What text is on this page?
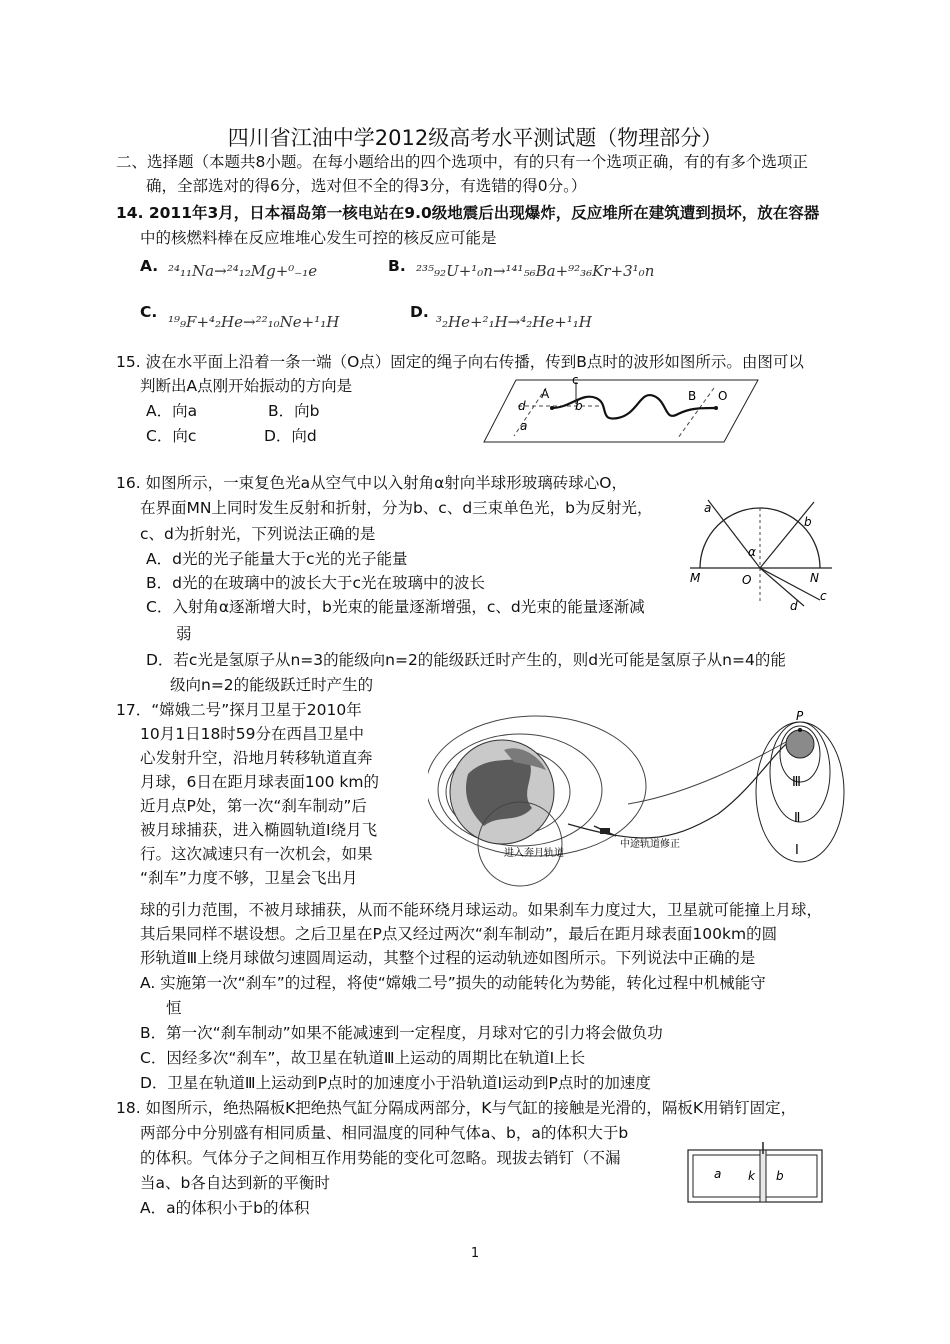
四川省江油中学2012级高考水平测试题（物理部分）
二、选择题（本题共8小题。在每小题给出的四个选项中，有的只有一个选项正确，有的有多个选项正
确，全部选对的得6分，选对但不全的得3分，有选错的得0分。）
14. 2011年3月，日本福岛第一核电站在9.0级地震后出现爆炸，反应堆所在建筑遭到损坏，放在容器
中的核燃料棒在反应堆堆心发生可控的核反应可能是
A. ²⁴₁₁Na→²⁴₁₂Mg+⁰₋₁e	B. ²³⁵₉₂U+¹₀n→¹⁴¹₅₆Ba+⁹²₃₆Kr+3¹₀n
C.
¹⁹₉F+⁴₂He→²²₁₀Ne+¹₁H
D.
³₂He+²₁H→⁴₂He+¹₁H
15. 波在水平面上沿着一条一端（O点）固定的绳子向右传播，传到B点时的波形如图所示。由图可以
判断出A点刚开始振动的方向是
A．向a	B．向b
C．向c	D．向d
A
c
d	b
a
B O
16. 如图所示，一束复色光a从空气中以入射角α射向半球形玻璃砖球心O，
在界面MN上同时发生反射和折射，分为b、c、d三束单色光，b为反射光，
c、d为折射光，下列说法正确的是
A．d光的光子能量大于c光的光子能量
B．d光的在玻璃中的波长大于c光在玻璃中的波长
C．入射角α逐渐增大时，b光束的能量逐渐增强，c、d光束的能量逐渐减
弱
D．若c光是氢原子从n=3的能级向n=2的能级跃迁时产生的，则d光可能是氢原子从n=4的能
级向n=2的能级跃迁时产生的
a
b
c
d
α
M	N
O
17．“嫦娥二号”探月卫星于2010年
10月1日18时59分在西昌卫星中
心发射升空，沿地月转移轨道直奔
月球，6日在距月球表面100 km的
近月点P处，第一次“刹车制动”后
被月球捕获，进入椭圆轨道Ⅰ绕月飞
行。这次减速只有一次机会，如果
“刹车”力度不够，卫星会飞出月
球的引力范围，不被月球捕获，从而不能环绕月球运动。如果刹车力度过大，卫星就可能撞上月球，
其后果同样不堪设想。之后卫星在P点又经过两次“刹车制动”，最后在距月球表面100km的圆
形轨道Ⅲ上绕月球做匀速圆周运动，其整个过程的运动轨迹如图所示。下列说法中正确的是
A. 实施第一次“刹车”的过程，将使“嫦娥二号”损失的动能转化为势能，转化过程中机械能守
恒
B．第一次“刹车制动”如果不能减速到一定程度，月球对它的引力将会做负功
C．因经多次“刹车”，故卫星在轨道Ⅲ上运动的周期比在轨道Ⅰ上长
D．卫星在轨道Ⅲ上运动到P点时的加速度小于沿轨道Ⅰ运动到P点时的加速度
P
Ⅲ
Ⅱ
Ⅰ
进入奔月轨道
中途轨道修正
18. 如图所示，绝热隔板K把绝热气缸分隔成两部分，K与气缸的接触是光滑的，隔板K用销钉固定，
两部分中分别盛有相同质量、相同温度的同种气体a、b，a的体积大于b
的体积。气体分子之间相互作用势能的变化可忽略。现拔去销钉（不漏
当a、b各自达到新的平衡时
A．a的体积小于b的体积
a k b
1
